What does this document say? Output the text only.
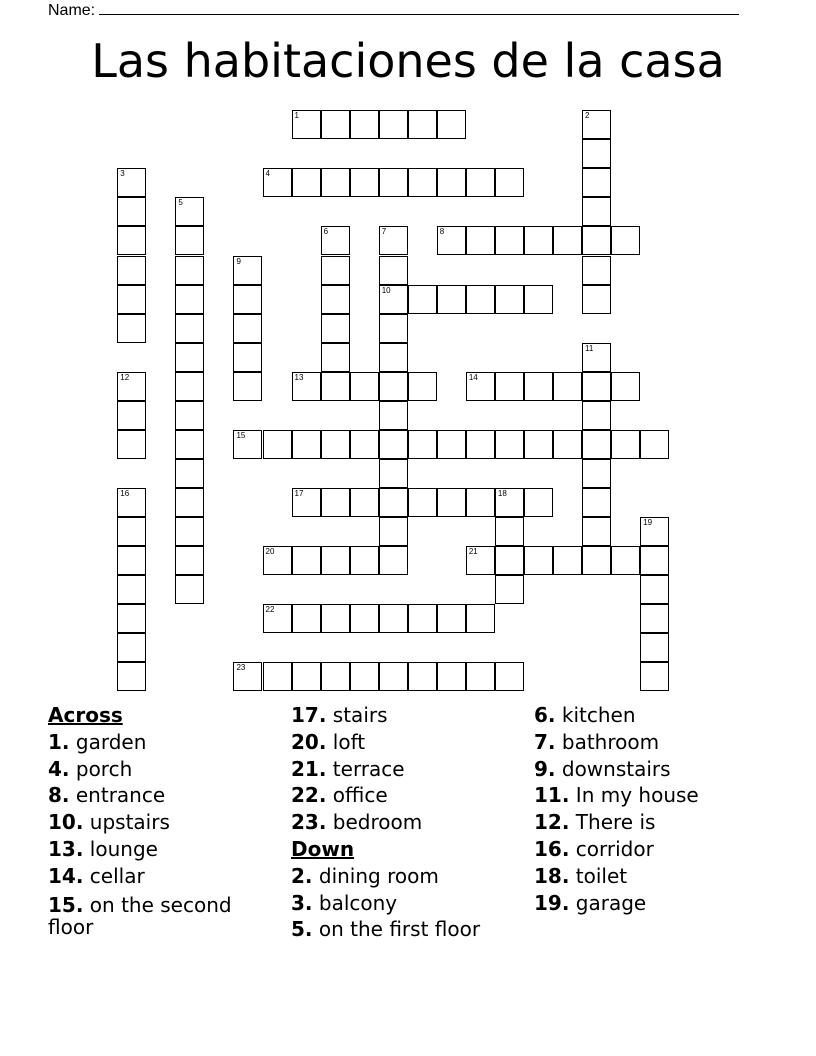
Name:
Las habitaciones de la casa
1
4
8
10
13	14
15
17	18
20	21
22
23
2
3
5
6	7
9
11
12
16
19
Across
1. garden
4. porch
8. entrance
10. upstairs
13. lounge
14. cellar
15. on the second floor
17. stairs
20. loft
21. terrace
22. office
23. bedroom
Down
2. dining room
3. balcony
5. on the first floor
6. kitchen
7. bathroom
9. downstairs
11. In my house
12. There is
16. corridor
18. toilet
19. garage
